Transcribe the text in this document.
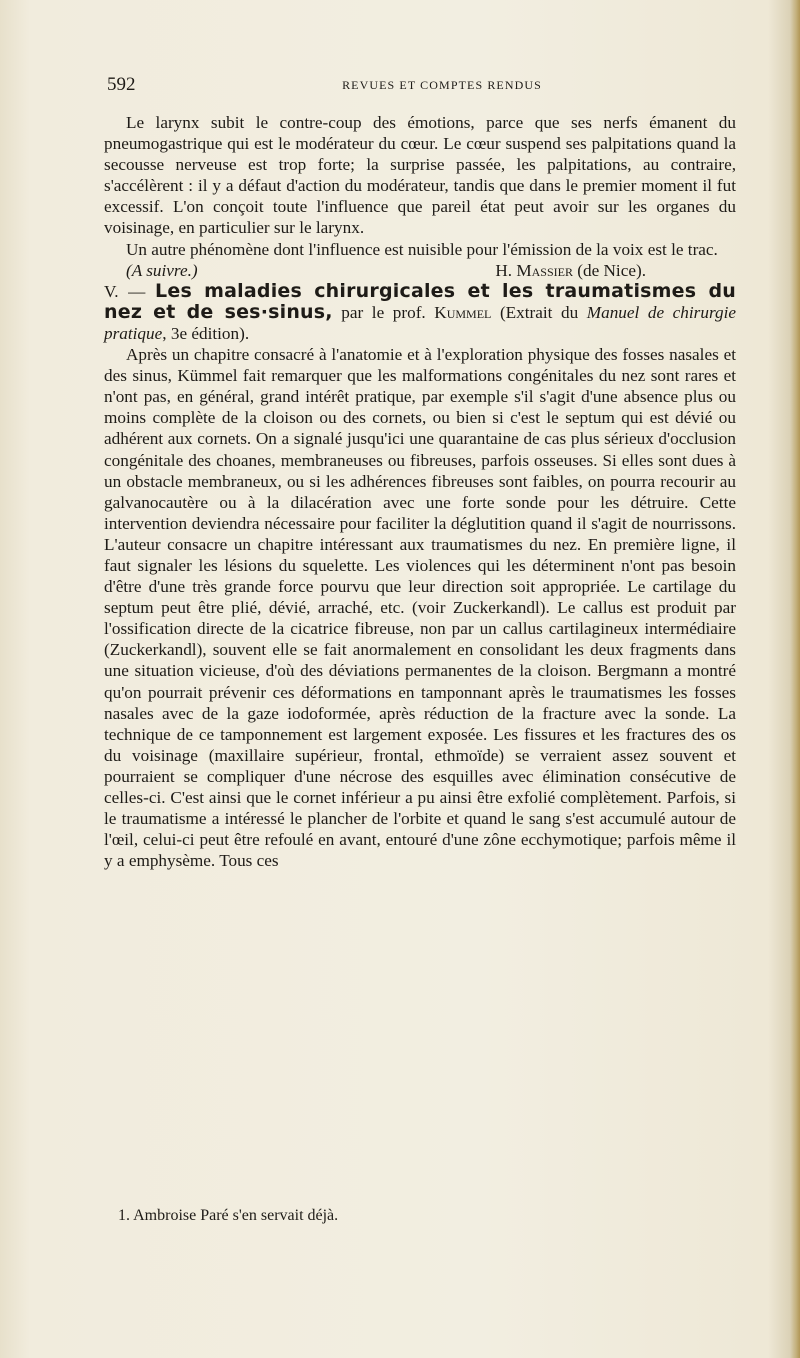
592	REVUES ET COMPTES RENDUS

Le larynx subit le contre-coup des émotions, parce que ses nerfs émanent du pneumogastrique qui est le modérateur du cœur. Le cœur suspend ses palpitations quand la secousse nerveuse est trop forte; la surprise passée, les palpitations, au contraire, s'accélèrent : il y a défaut d'action du modérateur, tandis que dans le premier moment il fut excessif. L'on conçoit toute l'influence que pareil état peut avoir sur les organes du voisinage, en particulier sur le larynx.

Un autre phénomène dont l'influence est nuisible pour l'émission de la voix est le trac.

(A suivre.)	H. Massier (de Nice).

V. — Les maladies chirurgicales et les traumatismes du nez et de ses·sinus, par le prof. Kummel (Extrait du Manuel de chirurgie pratique, 3e édition).

Après un chapitre consacré à l'anatomie et à l'exploration physique des fosses nasales et des sinus, Kümmel fait remarquer que les malformations congénitales du nez sont rares et n'ont pas, en général, grand intérêt pratique, par exemple s'il s'agit d'une absence plus ou moins complète de la cloison ou des cornets, ou bien si c'est le septum qui est dévié ou adhérent aux cornets. On a signalé jusqu'ici une quarantaine de cas plus sérieux d'occlusion congénitale des choanes, membraneuses ou fibreuses, parfois osseuses. Si elles sont dues à un obstacle membraneux, ou si les adhérences fibreuses sont faibles, on pourra recourir au galvanocautère ou à la dilacération avec une forte sonde pour les détruire. Cette intervention deviendra nécessaire pour faciliter la déglutition quand il s'agit de nourrissons. L'auteur consacre un chapitre intéressant aux traumatismes du nez. En première ligne, il faut signaler les lésions du squelette. Les violences qui les déterminent n'ont pas besoin d'être d'une très grande force pourvu que leur direction soit appropriée. Le cartilage du septum peut être plié, dévié, arraché, etc. (voir Zuckerkandl). Le callus est produit par l'ossification directe de la cicatrice fibreuse, non par un callus cartilagineux intermédiaire (Zuckerkandl), souvent elle se fait anormalement en consolidant les deux fragments dans une situation vicieuse, d'où des déviations permanentes de la cloison. Bergmann a montré qu'on pourrait prévenir ces déformations en tamponnant après le traumatismes les fosses nasales avec de la gaze iodoformée, après réduction de la fracture avec la sonde. La technique de ce tamponnement est largement exposée. Les fissures et les fractures des os du voisinage (maxillaire supérieur, frontal, ethmoïde) se verraient assez souvent et pourraient se compliquer d'une nécrose des esquilles avec élimination consécutive de celles-ci. C'est ainsi que le cornet inférieur a pu ainsi être exfolié complètement. Parfois, si le traumatisme a intéressé le plancher de l'orbite et quand le sang s'est accumulé autour de l'œil, celui-ci peut être refoulé en avant, entouré d'une zône ecchymotique; parfois même il y a emphysème. Tous ces

1. Ambroise Paré s'en servait déjà.
